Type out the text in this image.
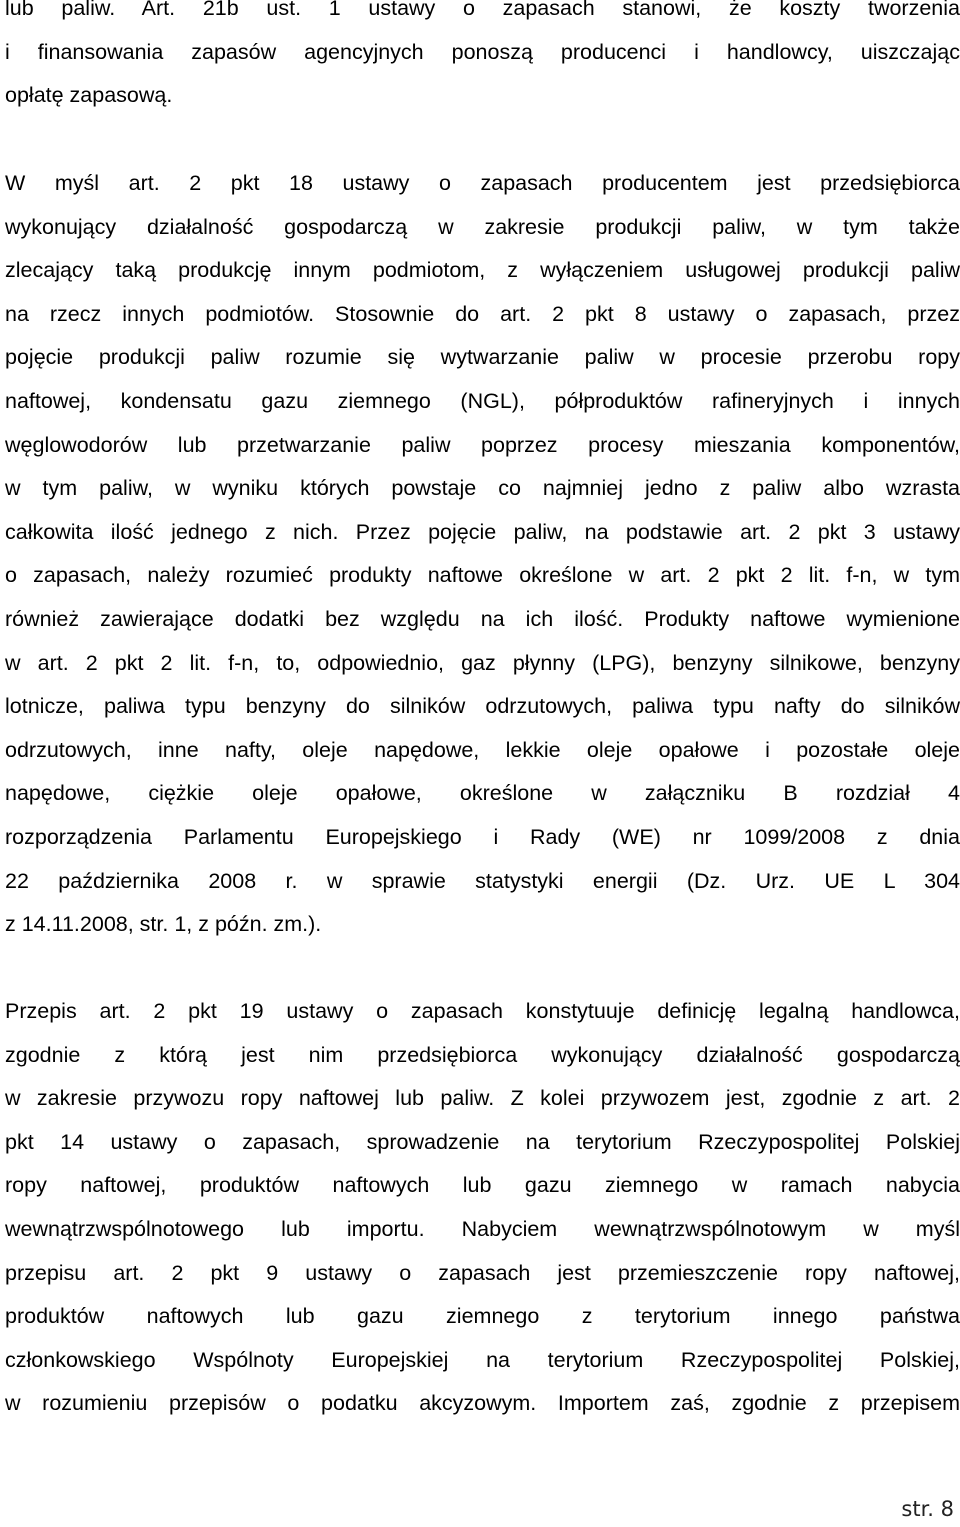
lub paliw. Art. 21b ust. 1 ustawy o zapasach stanowi, że koszty tworzenia
i finansowania zapasów agencyjnych ponoszą producenci i handlowcy, uiszczając
opłatę zapasową.
W myśl art. 2 pkt 18 ustawy o zapasach producentem jest przedsiębiorca
wykonujący działalność gospodarczą w zakresie produkcji paliw, w tym także
zlecający taką produkcję innym podmiotom, z wyłączeniem usługowej produkcji paliw
na rzecz innych podmiotów. Stosownie do art. 2 pkt 8 ustawy o zapasach, przez
pojęcie produkcji paliw rozumie się wytwarzanie paliw w procesie przerobu ropy
naftowej, kondensatu gazu ziemnego (NGL), półproduktów rafineryjnych i innych
węglowodorów lub przetwarzanie paliw poprzez procesy mieszania komponentów,
w tym paliw, w wyniku których powstaje co najmniej jedno z paliw albo wzrasta
całkowita ilość jednego z nich. Przez pojęcie paliw, na podstawie art. 2 pkt 3 ustawy
o zapasach, należy rozumieć produkty naftowe określone w art. 2 pkt 2 lit. f-n, w tym
również zawierające dodatki bez względu na ich ilość. Produkty naftowe wymienione
w art. 2 pkt 2 lit. f-n, to, odpowiednio, gaz płynny (LPG), benzyny silnikowe, benzyny
lotnicze, paliwa typu benzyny do silników odrzutowych, paliwa typu nafty do silników
odrzutowych, inne nafty, oleje napędowe, lekkie oleje opałowe i pozostałe oleje
napędowe, ciężkie oleje opałowe, określone w załączniku B rozdział 4
rozporządzenia Parlamentu Europejskiego i Rady (WE) nr 1099/2008 z dnia
22 października 2008 r. w sprawie statystyki energii (Dz. Urz. UE L 304
z 14.11.2008, str. 1, z późn. zm.).
Przepis art. 2 pkt 19 ustawy o zapasach konstytuuje definicję legalną handlowca,
zgodnie z którą jest nim przedsiębiorca wykonujący działalność gospodarczą
w zakresie przywozu ropy naftowej lub paliw. Z kolei przywozem jest, zgodnie z art. 2
pkt 14 ustawy o zapasach, sprowadzenie na terytorium Rzeczypospolitej Polskiej
ropy naftowej, produktów naftowych lub gazu ziemnego w ramach nabycia
wewnątrzwspólnotowego lub importu. Nabyciem wewnątrzwspólnotowym w myśl
przepisu art. 2 pkt 9 ustawy o zapasach jest przemieszczenie ropy naftowej,
produktów naftowych lub gazu ziemnego z terytorium innego państwa
członkowskiego Wspólnoty Europejskiej na terytorium Rzeczypospolitej Polskiej,
w rozumieniu przepisów o podatku akcyzowym. Importem zaś, zgodnie z przepisem
str. 8
